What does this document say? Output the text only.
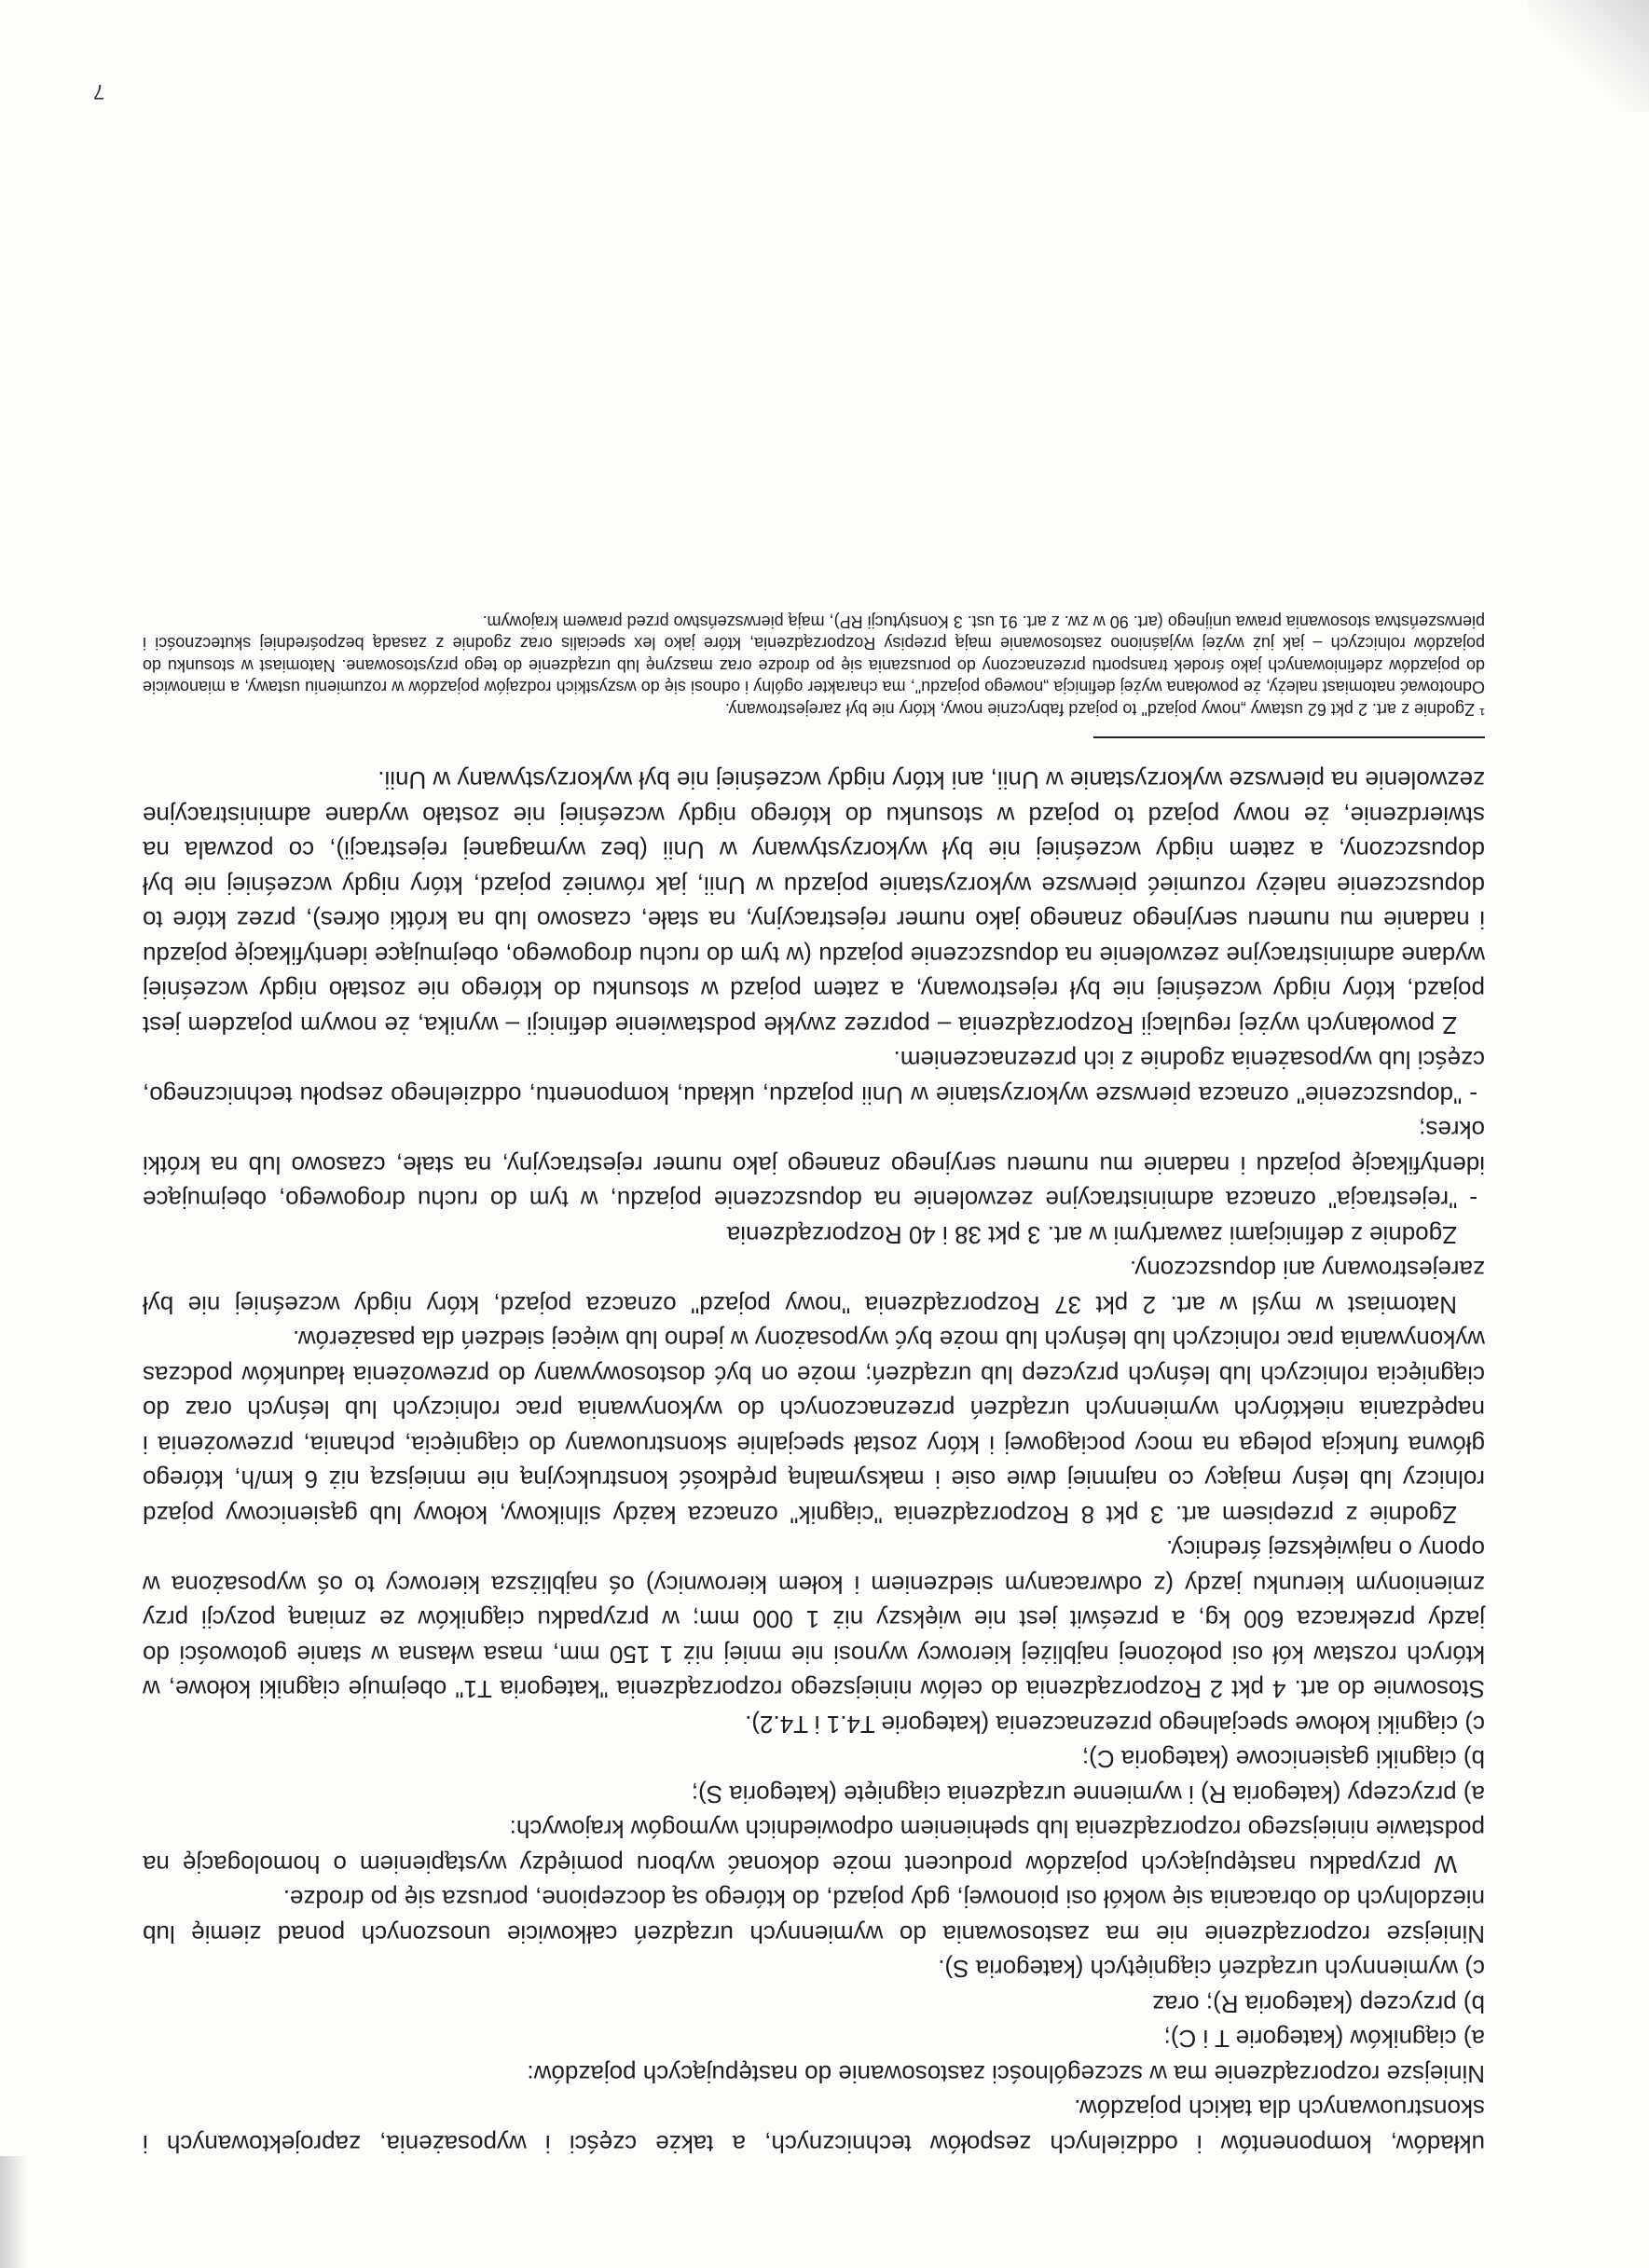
układów, komponentów i oddzielnych zespołów technicznych, a także części i wyposażenia, zaprojektowanych i skonstruowanych dla takich pojazdów.

Niniejsze rozporządzenie ma w szczególności zastosowanie do następujących pojazdów:

a) ciągników (kategorie T i C);

b) przyczep (kategoria R); oraz

c) wymiennych urządzeń ciągniętych (kategoria S).

Niniejsze rozporządzenie nie ma zastosowania do wymiennych urządzeń całkowicie unoszonych ponad ziemię lub niezdolnych do obracania się wokół osi pionowej, gdy pojazd, do którego są doczepione, porusza się po drodze.

W przypadku następujących pojazdów producent może dokonać wyboru pomiędzy wystąpieniem o homologację na podstawie niniejszego rozporządzenia lub spełnieniem odpowiednich wymogów krajowych:

a) przyczepy (kategoria R) i wymienne urządzenia ciągnięte (kategoria S);

b) ciągniki gąsienicowe (kategoria C);

c) ciągniki kołowe specjalnego przeznaczenia (kategorie T4.1 i T4.2).

Stosownie do art. 4 pkt 2 Rozporządzenia do celów niniejszego rozporządzenia "kategoria T1" obejmuje ciągniki kołowe, w których rozstaw kół osi położonej najbliżej kierowcy wynosi nie mniej niż 1 150 mm, masa własna w stanie gotowości do jazdy przekracza 600 kg, a prześwit jest nie większy niż 1 000 mm; w przypadku ciągników ze zmianą pozycji przy zmienionym kierunku jazdy (z odwracanym siedzeniem i kołem kierownicy) oś najbliższa kierowcy to oś wyposażona w opony o największej średnicy.

Zgodnie z przepisem art. 3 pkt 8 Rozporządzenia "ciągnik" oznacza każdy silnikowy, kołowy lub gąsienicowy pojazd rolniczy lub leśny mający co najmniej dwie osie i maksymalną prędkość konstrukcyjną nie mniejszą niż 6 km/h, którego główna funkcja polega na mocy pociągowej i który został specjalnie skonstruowany do ciągnięcia, pchania, przewożenia i napędzania niektórych wymiennych urządzeń przeznaczonych do wykonywania prac rolniczych lub leśnych oraz do ciągnięcia rolniczych lub leśnych przyczep lub urządzeń; może on być dostosowywany do przewożenia ładunków podczas wykonywania prac rolniczych lub leśnych lub może być wyposażony w jedno lub więcej siedzeń dla pasażerów.

Natomiast w myśl w art. 2 pkt 37 Rozporządzenia "nowy pojazd" oznacza pojazd, który nigdy wcześniej nie był zarejestrowany ani dopuszczony.

Zgodnie z definicjami zawartymi w art. 3 pkt 38 i 40 Rozporządzenia

- "rejestracja" oznacza administracyjne zezwolenie na dopuszczenie pojazdu, w tym do ruchu drogowego, obejmujące identyfikację pojazdu i nadanie mu numeru seryjnego znanego jako numer rejestracyjny, na stałe, czasowo lub na krótki okres;

- "dopuszczenie" oznacza pierwsze wykorzystanie w Unii pojazdu, układu, komponentu, oddzielnego zespołu technicznego, części lub wyposażenia zgodnie z ich przeznaczeniem.

Z powołanych wyżej regulacji Rozporządzenia – poprzez zwykłe podstawienie definicji – wynika, że nowym pojazdem jest pojazd, który nigdy wcześniej nie był rejestrowany, a zatem pojazd w stosunku do którego nie zostało nigdy wcześniej wydane administracyjne zezwolenie na dopuszczenie pojazdu (w tym do ruchu drogowego, obejmujące identyfikację pojazdu i nadanie mu numeru seryjnego znanego jako numer rejestracyjny, na stałe, czasowo lub na krótki okres), przez które to dopuszczenie należy rozumieć pierwsze wykorzystanie pojazdu w Unii, jak również pojazd, który nigdy wcześniej nie był dopuszczony, a zatem nigdy wcześniej nie był wykorzystywany w Unii (bez wymaganej rejestracji), co pozwala na stwierdzenie, że nowy pojazd to pojazd w stosunku do którego nigdy wcześniej nie zostało wydane administracyjne zezwolenie na pierwsze wykorzystanie w Unii, ani który nigdy wcześniej nie był wykorzystywany w Unii.

¹ Zgodnie z art. 2 pkt 62 ustawy „nowy pojazd" to pojazd fabrycznie nowy, który nie był zarejestrowany.

Odnotować natomiast należy, że powołana wyżej definicja „nowego pojazdu", ma charakter ogólny i odnosi się do wszystkich rodzajów pojazdów w rozumieniu ustawy, a mianowicie do pojazdów zdefiniowanych jako środek transportu przeznaczony do poruszania się po drodze oraz maszynę lub urządzenie do tego przystosowane. Natomiast w stosunku do pojazdów rolniczych – jak już wyżej wyjaśniono zastosowanie mają przepisy Rozporządzenia, które jako lex specialis oraz zgodnie z zasadą bezpośredniej skuteczności i pierwszeństwa stosowania prawa unijnego (art. 90 w zw. z art. 91 ust. 3 Konstytucji RP), mają pierwszeństwo przed prawem krajowym.

7
